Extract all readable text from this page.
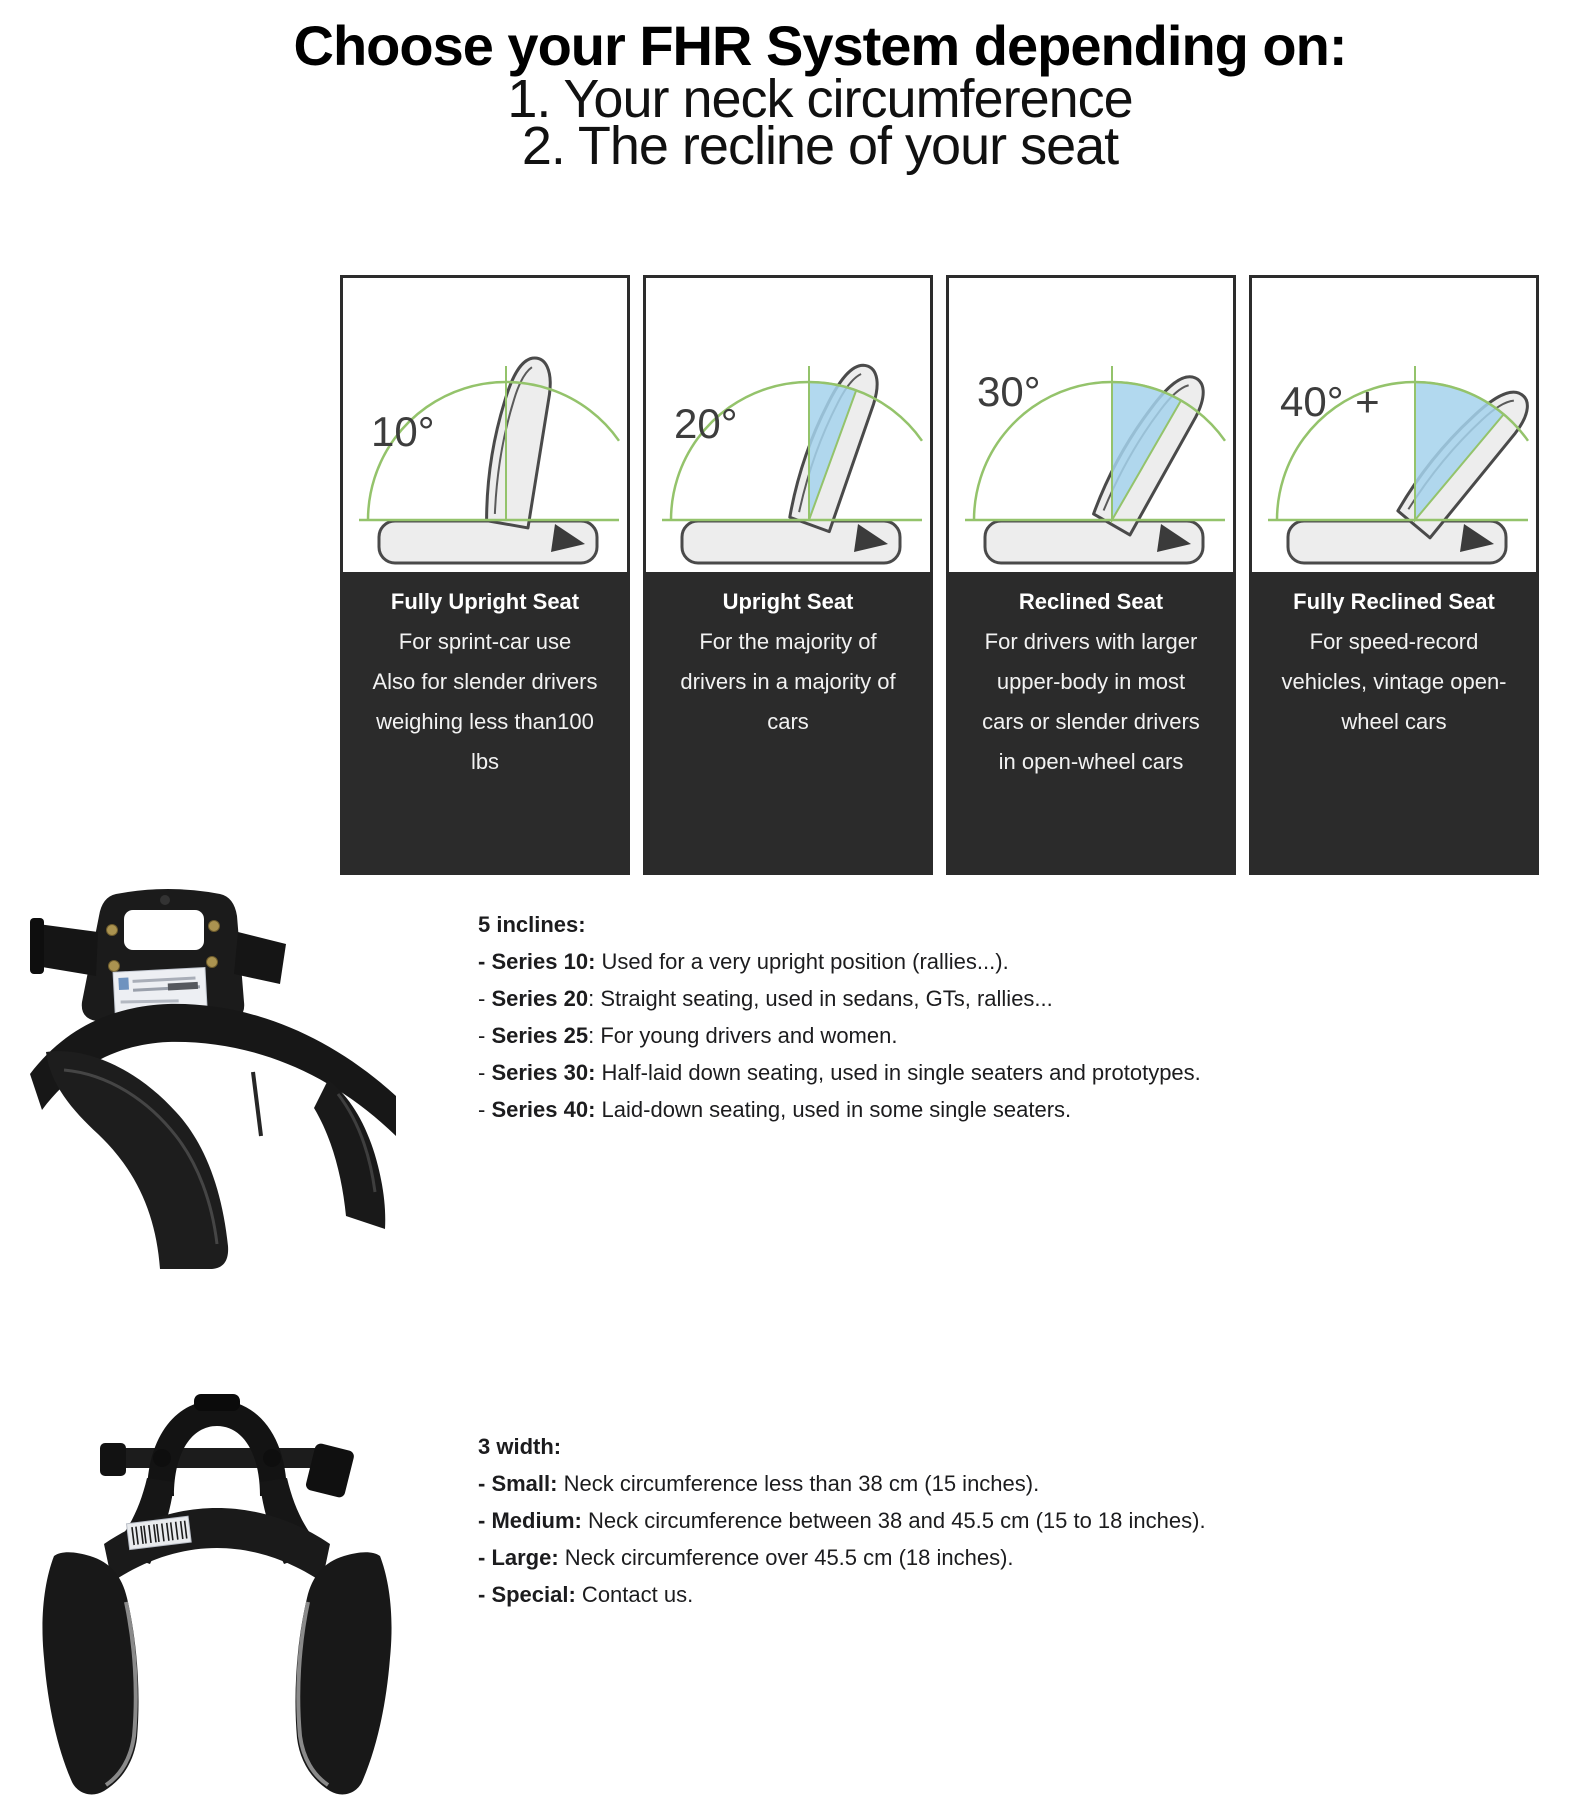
Choose your FHR System depending on:
1. Your neck circumference
2. The recline of your seat
10°
Fully Upright Seat
For sprint-car use
Also for slender drivers
weighing less than100
lbs
20°
Upright Seat
For the majority of
drivers in a majority of
cars
30°
Reclined Seat
For drivers with larger
upper-body in most
cars or slender drivers
in open-wheel cars
40° +
Fully Reclined Seat
For speed-record
vehicles, vintage open-
wheel cars
5 inclines:
- Series 10: Used for a very upright position (rallies...).
- Series 20: Straight seating, used in sedans, GTs, rallies...
- Series 25: For young drivers and women.
- Series 30: Half-laid down seating, used in single seaters and prototypes.
- Series 40: Laid-down seating, used in some single seaters.
3 width:
- Small: Neck circumference less than 38 cm (15 inches).
- Medium: Neck circumference between 38 and 45.5 cm (15 to 18 inches).
- Large: Neck circumference over 45.5 cm (18 inches).
- Special: Contact us.
